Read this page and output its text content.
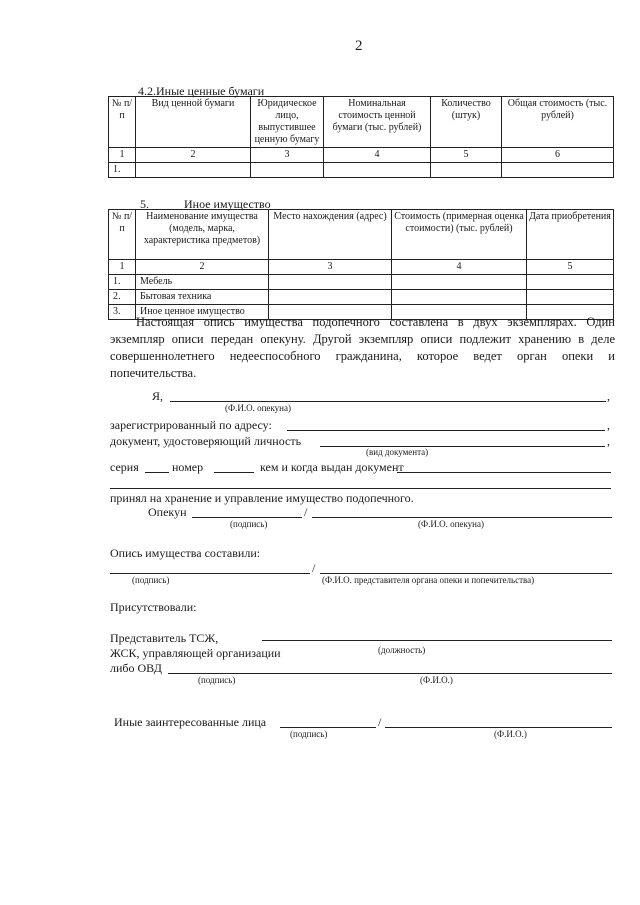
2
4.2.Иные ценные бумаги
№ п/п	Вид ценной бумаги	Юридическое лицо, выпустившее ценную бумагу	Номинальная стоимость ценной бумаги (тыс. рублей)	Количество (штук)	Общая стоимость (тыс. рублей)
1	2	3	4	5	6
1.					
5.	Иное имущество
№ п/п	Наименование имущества (модель, марка, характеристика предметов)	Место нахождения (адрес)	Стоимость (примерная оценка стоимости) (тыс. рублей)	Дата приобретения
1	2	3	4	5
1.	Мебель			
2.	Бытовая техника			
3.	Иное ценное имущество			
Настоящая опись имущества подопечного составлена в двух экземплярах. Один экземпляр описи передан опекуну. Другой экземпляр описи подлежит хранению в деле совершеннолетнего недееспособного гражданина, которое ведет орган опеки и попечительства.
Я,	,
(Ф.И.О. опекуна)
зарегистрированный по адресу:	,
документ, удостоверяющий личность	,
(вид документа)
серия	номер	кем и когда выдан документ
принял на хранение и управление имущество подопечного.
Опекун	/
(подпись)	(Ф.И.О. опекуна)
Опись имущества составили:
/
(подпись)	(Ф.И.О. представителя органа опеки и попечительства)
Присутствовали:
Представитель ТСЖ,
ЖСК, управляющей организации	(должность)
либо ОВД
(подпись)	(Ф.И.О.)
Иные заинтересованные лица	/
(подпись)	(Ф.И.О.)
